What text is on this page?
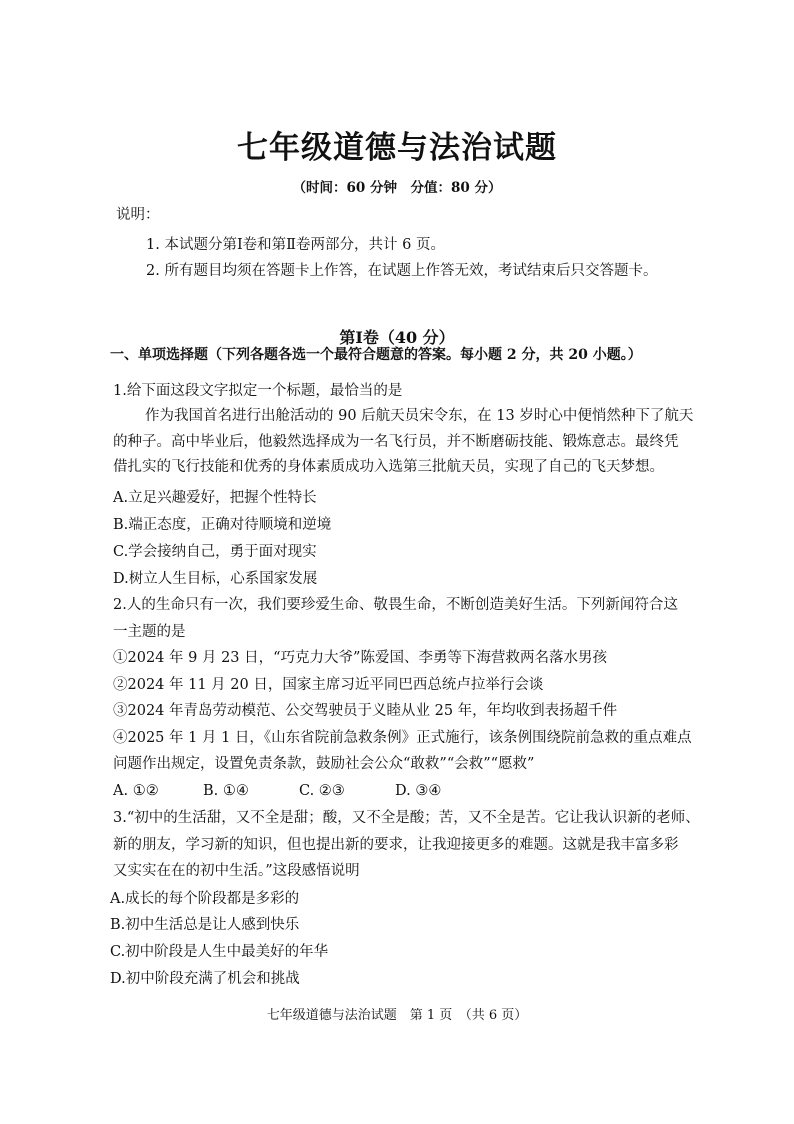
七年级道德与法治试题
（时间：60 分钟　分值：80 分）
说明：
1. 本试题分第Ⅰ卷和第Ⅱ卷两部分，共计 6 页。
2. 所有题目均须在答题卡上作答，在试题上作答无效，考试结束后只交答题卡。
第Ⅰ卷（40 分）
一、单项选择题（下列各题各选一个最符合题意的答案。每小题 2 分，共 20 小题。）
1.给下面这段文字拟定一个标题，最恰当的是
作为我国首名进行出舱活动的 90 后航天员宋令东，在 13 岁时心中便悄然种下了航天
的种子。高中毕业后，他毅然选择成为一名飞行员，并不断磨砺技能、锻炼意志。最终凭
借扎实的飞行技能和优秀的身体素质成功入选第三批航天员，实现了自己的飞天梦想。
A.立足兴趣爱好，把握个性特长
B.端正态度，正确对待顺境和逆境
C.学会接纳自己，勇于面对现实
D.树立人生目标，心系国家发展
2.人的生命只有一次，我们要珍爱生命、敬畏生命，不断创造美好生活。下列新闻符合这
一主题的是
①2024 年 9 月 23 日，“巧克力大爷”陈爱国、李勇等下海营救两名落水男孩
②2024 年 11 月 20 日，国家主席习近平同巴西总统卢拉举行会谈
③2024 年青岛劳动模范、公交驾驶员于义睦从业 25 年，年均收到表扬超千件
④2025 年 1 月 1 日，《山东省院前急救条例》正式施行，该条例围绕院前急救的重点难点
问题作出规定，设置免责条款，鼓励社会公众“敢救”“会救”“愿救”
A. ①②	B. ①④	C. ②③	D. ③④
3.“初中的生活甜，又不全是甜；酸，又不全是酸；苦，又不全是苦。它让我认识新的老师、
新的朋友，学习新的知识，但也提出新的要求，让我迎接更多的难题。这就是我丰富多彩
又实实在在的初中生活。”这段感悟说明
A.成长的每个阶段都是多彩的
B.初中生活总是让人感到快乐
C.初中阶段是人生中最美好的年华
D.初中阶段充满了机会和挑战
七年级道德与法治试题　第 1 页　（共 6 页）
